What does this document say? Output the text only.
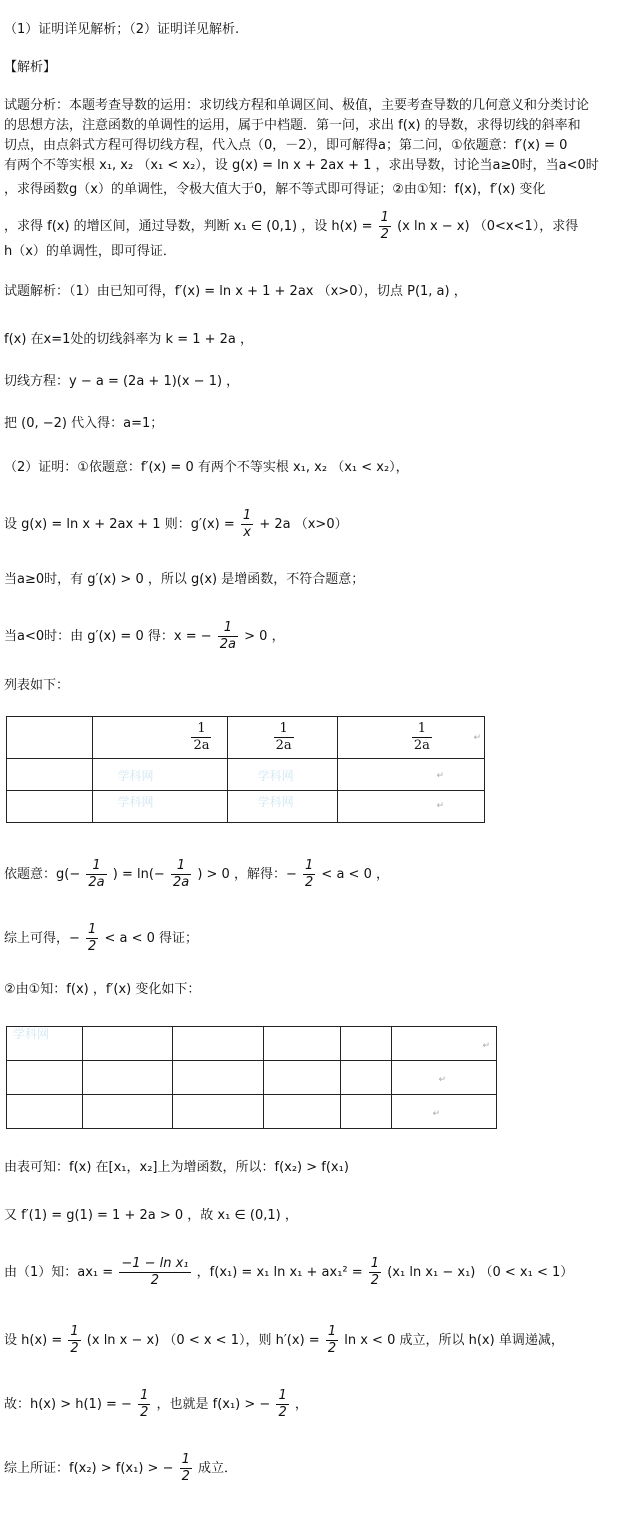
（1）证明详见解析；（2）证明详见解析.
【解析】
试题分析：本题考查导数的运用：求切线方程和单调区间、极值，主要考查导数的几何意义和分类讨论
的思想方法，注意函数的单调性的运用，属于中档题．第一问，求出 f(x) 的导数，求得切线的斜率和
切点，由点斜式方程可得切线方程，代入点（0，－2），即可解得a；第二问，①依题意：f′(x) = 0
有两个不等实根 x₁, x₂ （x₁ < x₂），设 g(x) = ln x + 2ax + 1 ，求出导数，讨论当a≥0时，当a<0时
，求得函数g（x）的单调性，令极大值大于0，解不等式即可得证；②由①知：f(x)，f′(x) 变化
，求得 f(x) 的增区间，通过导数，判断 x₁ ∈ (0,1) ，设 $h(x) = \frac{1}{2} (x$ ln x − x) （0<x<1），求得
h（x）的单调性，即可得证．
试题解析：（1）由已知可得，f′(x) = ln x + 1 + 2ax （x>0），切点 P(1, a) ，
f(x) 在x=1处的切线斜率为 k = 1 + 2a ，
切线方程：y − a = (2a + 1)(x − 1) ，
把 (0, −2) 代入得：a=1；
（2）证明：①依题意：f′(x) = 0 有两个不等实根 x₁, x₂ （x₁ < x₂），
设 g(x) = ln x + 2ax + 1 则：$g'(x) = \frac{1}{x} + 2a$ （x>0）
当a≥0时，有 g′(x) > 0 ，所以 g(x) 是增函数，不符合题意；
当a<0时：由 g′(x) = 0 得：x = − $\frac{1}{2a} > 0$ ，
列表如下：

	$\frac{1}{2a}$	$\frac{1}{2a}$	$\frac{1}{2a}$ ↵

	学科网	学科网	↵

	学科网	学科网	↵
依题意：$g(- \frac{1}{2a}$ ) = $\ln(- \frac{1}{2a}$ ) > 0 ，解得：− $\frac{1}{2} < a < 0$ ，
综上可得，− $\frac{1}{2} < a < 0$ 得证；
②由①知：f(x) ，f′(x) 变化如下：
学科网					↵

					↵

					↵
由表可知：f(x) 在[x₁，x₂]上为增函数，所以：f(x₂) > f(x₁)
又 f′(1) = g(1) = 1 + 2a > 0 ，故 x₁ ∈ (0,1) ，
由（1）知：$ax_1 = \frac{\text{−1 − ln x₁}}{2}$ ，f(x₁) = x₁ $\ln x_1 + ax_1^2 = \frac{1}{2} (x_1$ ln x₁ − x₁) （0 < x₁ < 1）
设 $h(x) = \frac{1}{2} (x$ ln x − x) （0 < x < 1），则 $h'(x) = \frac{1}{2}$ ln x < 0 成立，所以 h(x) 单调递减，
故：h(x) > h(1) = − $\frac{1}{2}$ ，也就是 f(x₁) > − $\frac{1}{2}$ ，
综上所证：f(x₂) > f(x₁) > − $\frac{1}{2}$ 成立．
